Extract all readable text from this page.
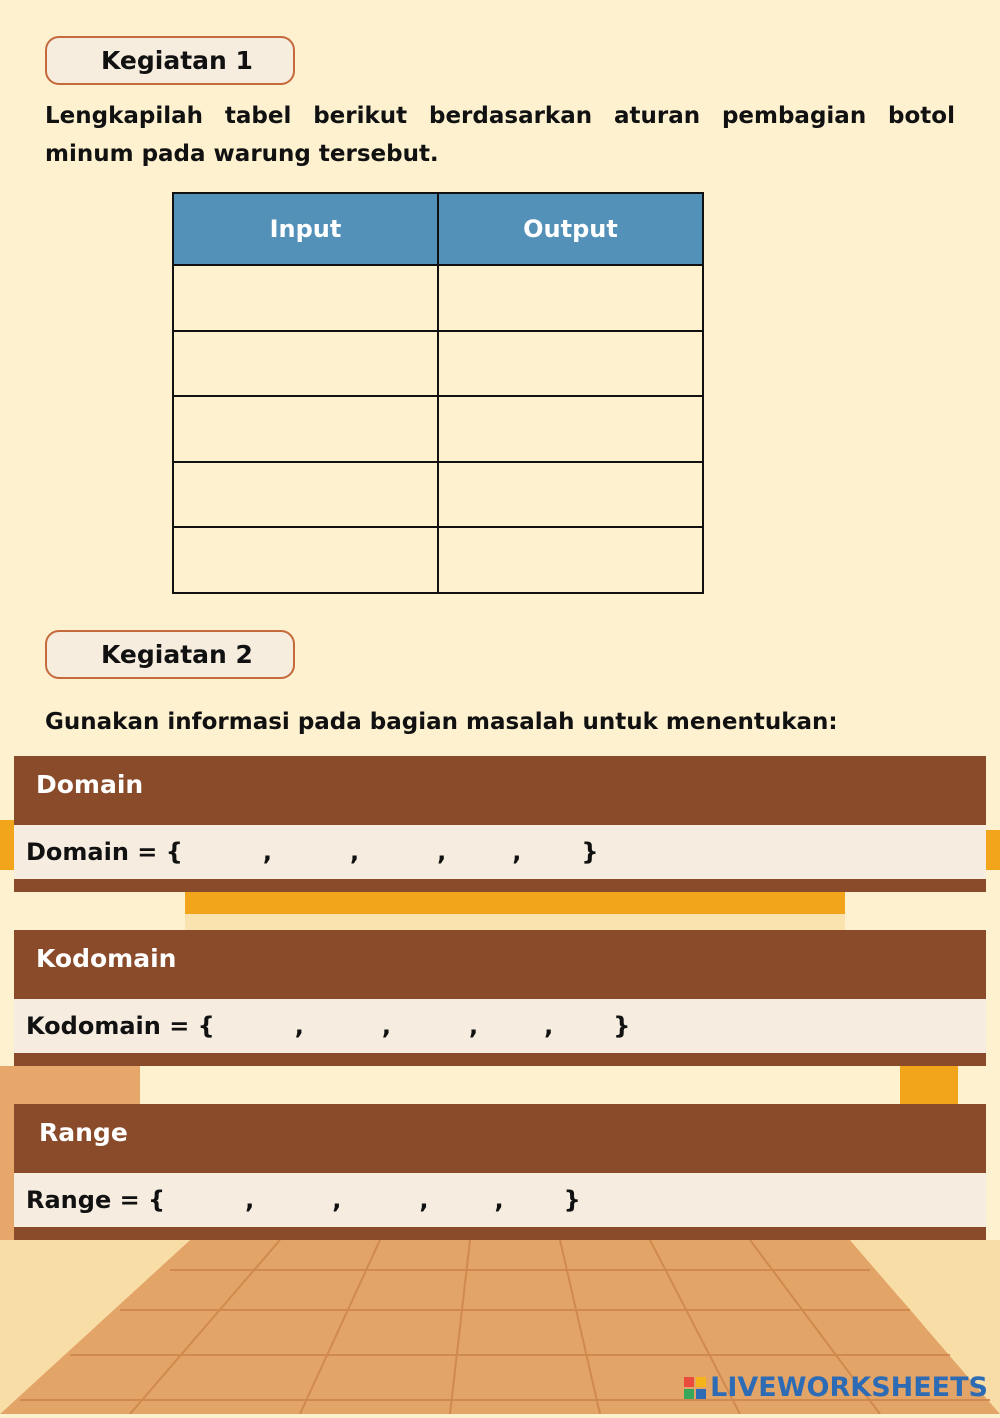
Kegiatan 1
Lengkapilah tabel berikut berdasarkan aturan pembagian botol minum pada warung tersebut.
Input	Output

Kegiatan 2
Gunakan informasi pada bagian masalah untuk menentukan:
Domain
Domain = {	,	,	,	,	}
Kodomain
Kodomain = {	,	,	,	,	}
Range
Range = {	,	,	,	,	}
LIVEWORKSHEETS
